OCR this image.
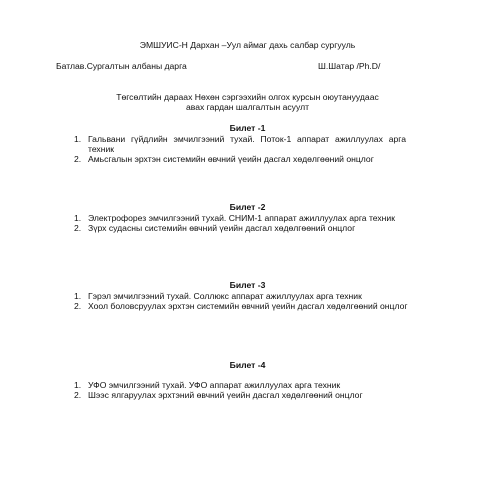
ЭМШУИС-Н Дархан –Уул аймаг дахь салбар сургууль
Батлав.Сургалтын албаны дарга	Ш.Шатар /Ph.D/
Төгсөлтийн дараах Нөхөн сэргээхийн олгох курсын оюутануудаас
авах гардан шалгалтын асуулт
Билет -1
1. Гальвани гүйдлийн эмчилгээний тухай. Поток-1 аппарат ажиллуулах арга техник
2. Амьсгалын эрхтэн системийн өвчний үеийн дасгал хөдөлгөөний онцлог
Билет -2
1. Электрофорез эмчилгээний тухай. СНИМ-1 аппарат ажиллуулах арга техник
2. Зүрх судасны системийн өвчний үеийн дасгал хөдөлгөөний онцлог
Билет -3
1. Гэрэл эмчилгээний тухай. Соллюкс аппарат ажиллуулах арга техник
2. Хоол боловсруулах эрхтэн системийн өвчний үеийн дасгал хөдөлгөөний онцлог
Билет -4
1. УФО эмчилгээний тухай. УФО аппарат ажиллуулах арга техник
2. Шээс ялгаруулах эрхтэний өвчний үеийн дасгал хөдөлгөөний онцлог
